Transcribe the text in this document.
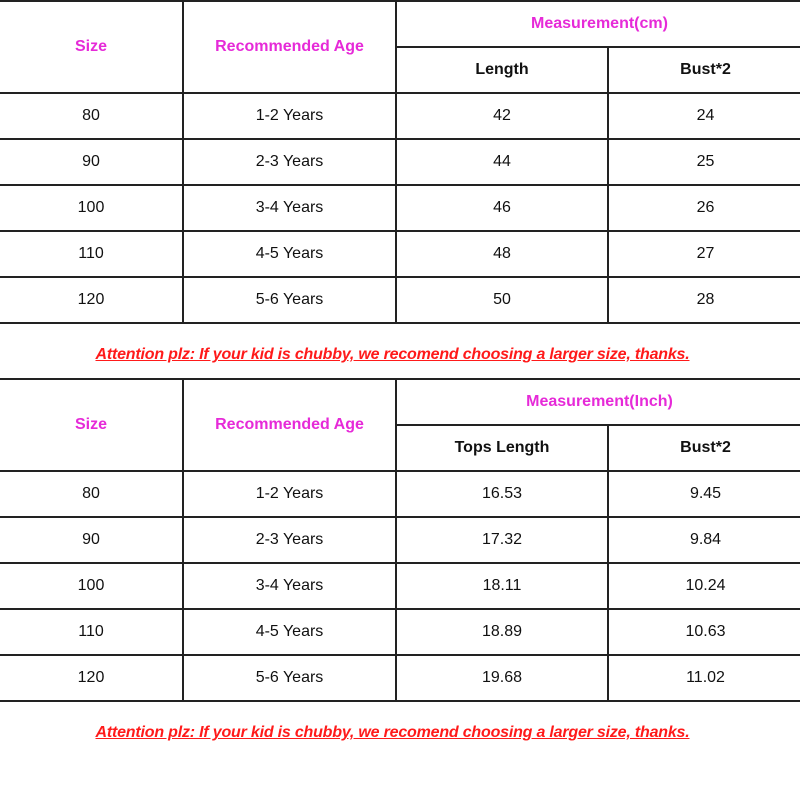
Size	Recommended Age	Measurement(cm)	
		Length	Bust*2
80	1-2 Years	42	24
90	2-3 Years	44	25
100	3-4 Years	46	26
110	4-5 Years	48	27
120	5-6 Years	50	28
Attention plz: If your kid is chubby, we recomend choosing a larger size, thanks.
Size	Recommended Age	Measurement(Inch)	
		Tops Length	Bust*2
80	1-2 Years	16.53	9.45
90	2-3 Years	17.32	9.84
100	3-4 Years	18.11	10.24
110	4-5 Years	18.89	10.63
120	5-6 Years	19.68	11.02
Attention plz: If your kid is chubby, we recomend choosing a larger size, thanks.
